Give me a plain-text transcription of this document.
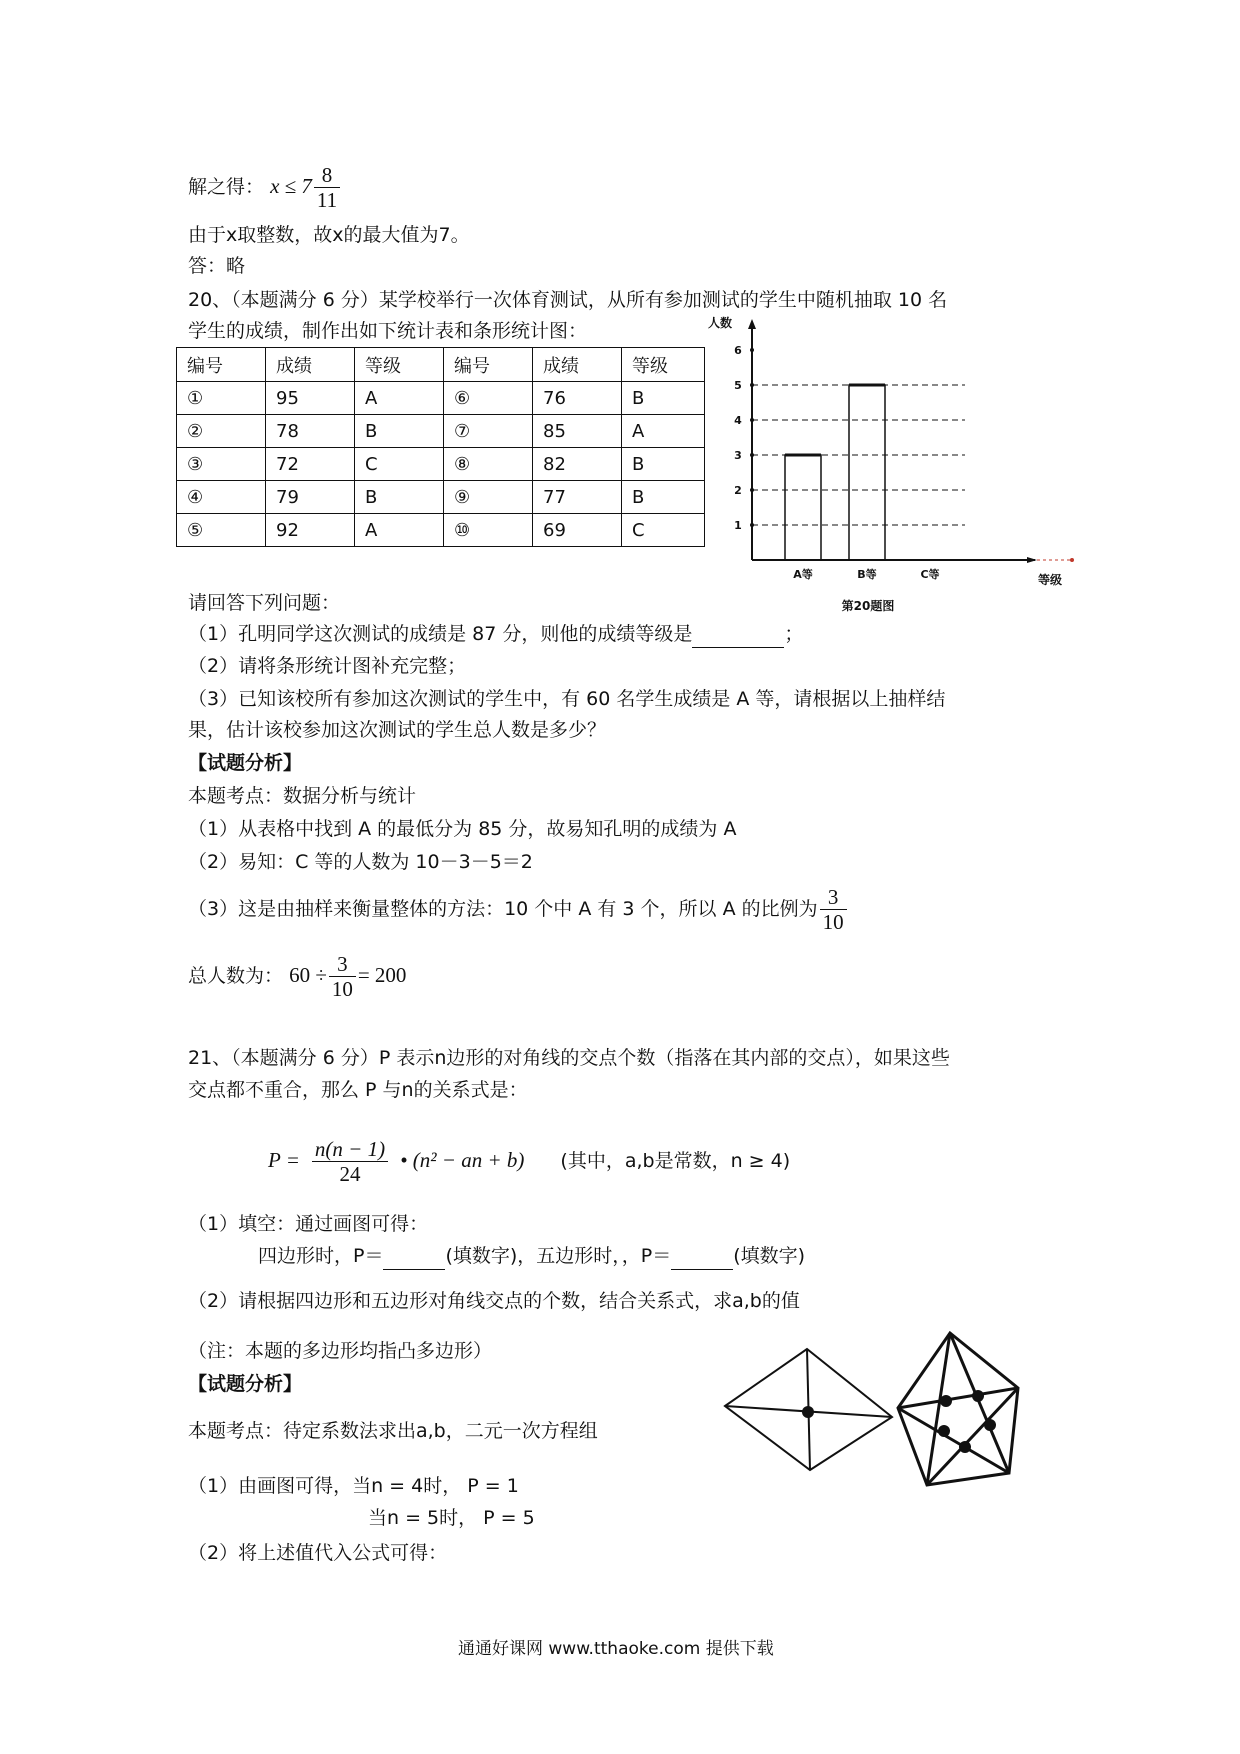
解之得： $x \le 7 \frac{8}{11}$
由于x取整数，故x的最大值为7。
答：略
20、（本题满分 6 分）某学校举行一次体育测试，从所有参加测试的学生中随机抽取 10 名
学生的成绩，制作出如下统计表和条形统计图：
编号	成绩	等级	编号	成绩	等级
①	95	A	⑥	76	B
②	78	B	⑦	85	A
③	72	C	⑧	82	B
④	79	B	⑨	77	B
⑤	92	A	⑩	69	C	1
2
3
4
5
6
人数
A等	B等	C等	等级
第20题图
请回答下列问题：
（1）孔明同学这次测试的成绩是 87 分，则他的成绩等级是	；
（2）请将条形统计图补充完整；
（3）已知该校所有参加这次测试的学生中，有 60 名学生成绩是 A 等，请根据以上抽样结
果，估计该校参加这次测试的学生总人数是多少？
【试题分析】
本题考点：数据分析与统计
（1）从表格中找到 A 的最低分为 85 分，故易知孔明的成绩为 A
（2）易知：C 等的人数为 10－3－5＝2
（3）这是由抽样来衡量整体的方法：10 个中 A 有 3 个，所以 A 的比例为 $\frac{3}{10}$
总人数为： $60 \div \frac{3}{10} = 200$
21、（本题满分 6 分）P 表示n边形的对角线的交点个数（指落在其内部的交点），如果这些
交点都不重合，那么 P 与n的关系式是：
$P = \frac{n(n - 1)}{24}$ • (n² − an + b) (其中，a,b是常数，n ≥ 4)
（1）填空：通过画图可得：
四边形时，P＝	(填数字)，五边形时，，P＝	(填数字)
（2）请根据四边形和五边形对角线交点的个数，结合关系式，求a,b的值
（注：本题的多边形均指凸多边形）
【试题分析】
本题考点：待定系数法求出a,b，二元一次方程组
（1）由画图可得，当n = 4时， P = 1
当n = 5时， P = 5
（2）将上述值代入公式可得：
通通好课网 www.tthaoke.com 提供下载
